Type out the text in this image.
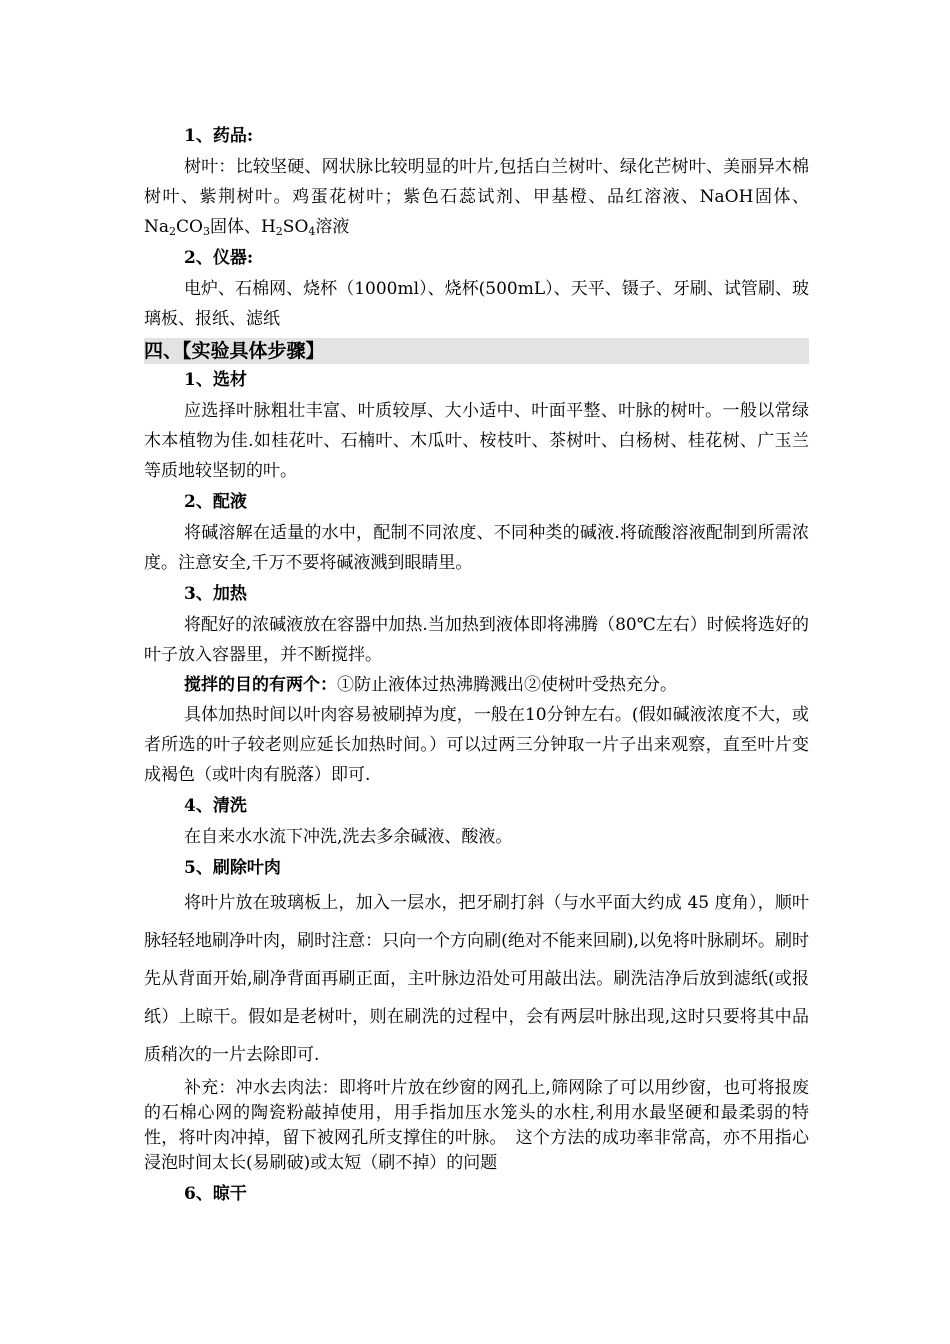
1、药品:

树叶：比较坚硬、网状脉比较明显的叶片,包括白兰树叶、绿化芒树叶、美丽异木棉树叶、紫荆树叶。鸡蛋花树叶；紫色石蕊试剂、甲基橙、品红溶液、NaOH固体、$Na_2CO_3$固体、$H_2SO_4$溶液

2、仪器:

电炉、石棉网、烧杯（1000ml）、烧杯(500mL）、天平、镊子、牙刷、试管刷、玻璃板、报纸、滤纸

四、【实验具体步骤】
1、选材

应选择叶脉粗壮丰富、叶质较厚、大小适中、叶面平整、叶脉的树叶。一般以常绿木本植物为佳.如桂花叶、石楠叶、木瓜叶、桉枝叶、茶树叶、白杨树、桂花树、广玉兰等质地较坚韧的叶。

2、配液

将碱溶解在适量的水中，配制不同浓度、不同种类的碱液.将硫酸溶液配制到所需浓度。注意安全,千万不要将碱液溅到眼睛里。

3、加热

将配好的浓碱液放在容器中加热.当加热到液体即将沸腾（80℃左右）时候将选好的叶子放入容器里，并不断搅拌。

搅拌的目的有两个：①防止液体过热沸腾溅出②使树叶受热充分。

具体加热时间以叶肉容易被刷掉为度，一般在10分钟左右。(假如碱液浓度不大，或者所选的叶子较老则应延长加热时间。）可以过两三分钟取一片子出来观察，直至叶片变成褐色（或叶肉有脱落）即可.

4、清洗

在自来水水流下冲洗,洗去多余碱液、酸液。

5、刷除叶肉

将叶片放在玻璃板上，加入一层水，把牙刷打斜（与水平面大约成 45 度角），顺叶脉轻轻地刷净叶肉，刷时注意：只向一个方向刷(绝对不能来回刷),以免将叶脉刷坏。刷时先从背面开始,刷净背面再刷正面，主叶脉边沿处可用敲出法。刷洗洁净后放到滤纸(或报纸）上晾干。假如是老树叶，则在刷洗的过程中，会有两层叶脉出现,这时只要将其中品质稍次的一片去除即可.

补充：冲水去肉法：即将叶片放在纱窗的网孔上,筛网除了可以用纱窗，也可将报废的石棉心网的陶瓷粉敲掉使用，用手指加压水笼头的水柱,利用水最坚硬和最柔弱的特性，将叶肉冲掉，留下被网孔所支撑住的叶脉。　这个方法的成功率非常高，亦不用指心浸泡时间太长(易刷破)或太短（刷不掉）的问题

6、晾干
